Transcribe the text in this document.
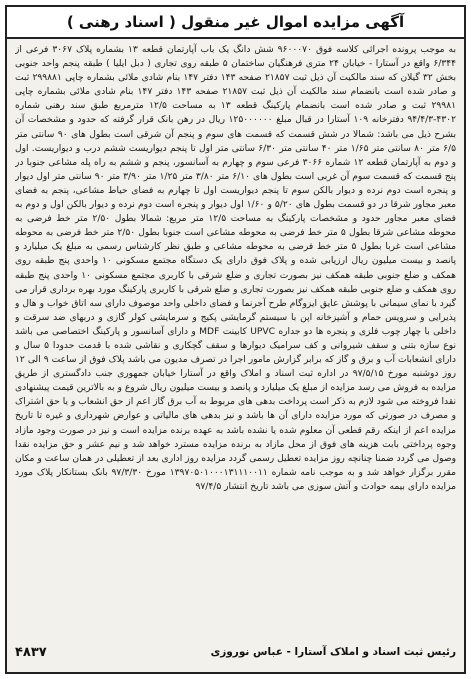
آگهی مزایده اموال غیر منقول ( اسناد رهنی )

به موجب پرونده اجرائی کلاسه فوق ۹۶۰۰۰۷۰ شش دانگ یک باب آپارتمان قطعه ۱۳ بشماره پلاک ۳۰۶۷ فرعی از ۶/۳۴۴ واقع در آستارا - خیابان ۲۴ متری فرهنگیان ساختمان ۵ طبقه روی تجاری ( دبل ایلیا ) طبقه پنجم واحد جنوبی بخش ۳۲ گیلان که سند مالکیت آن ذیل ثبت ۲۱۸۵۷ صفحه ۱۴۳ دفتر ۱۴۷ بنام شادی ملائی بشماره چاپی ۲۹۹۸۸۱ ثبت و صادر شده است بانضمام سند مالکیت آن ذیل ثبت ۲۱۸۵۷ صفحه ۱۴۳ دفتر ۱۴۷ بنام شادی ملائی بشماره چاپی ۲۹۹۸۱ ثبت و صادر شده است بانضمام پارکینگ قطعه ۱۳ به مساحت ۱۲/۵ مترمربع طبق سند رهنی شماره ۴۳۰۲-۹۴/۴/۳ دفترخانه ۱۰۹ آستارا در قبال مبلغ ۱۲۵۰۰۰۰۰۰ ریال در رهن بانک قرار گرفته که حدود و مشخصات آن بشرح ذیل می باشد: شمالا در شش قسمت که قسمت های سوم و پنجم آن شرقی است بطول های ۹۰ سانتی متر ۶/۵ متر ۸۰ سانتی متر ۱/۶۵ متر ۴۰ سانتی متر ۶/۳۰ سانتی متر اول تا پنجم دیواریست ششم درب و دیواریست. اول و دوم به آپارتمان قطعه ۱۲ شماره ۳۰۶۶ فرعی سوم و چهارم به آسانسور، پنجم و ششم به راه پله مشاعی جنوبا در پنج قسمت که قسمت سوم آن غربی است بطول های ۶/۱۰ متر ۳/۸۰ متر ۱/۲۵ متر ۳/۹۰ متر ۹۰ سانتی متر اول دیوار و پنجره است دوم نرده و دیوار بالکن سوم تا پنجم دیواریست اول تا چهارم به فضای حیاط مشاعی، پنجم به فضای معبر مجاور شرقا در دو قسمت بطول های ۵/۲۰ و ۱/۶۰ اول دیوار و پنجره است دوم نرده و دیوار بالکن اول و دوم به فضای معبر مجاور حدود و مشخصات پارکینگ به مساحت ۱۲/۵ متر مربع: شمالا بطول ۲/۵۰ متر خط فرضی به محوطه مشاعی شرقا بطول ۵ متر خط فرضی به محوطه مشاعی است جنوبا بطول ۲/۵۰ متر خط فرضی به محوطه مشاعی است غربا بطول ۵ متر خط فرضی به محوطه مشاعی و طبق نظر کارشناس رسمی به مبلغ یک میلیارد و پانصد و بیست میلیون ریال ارزیابی شده و پلاک فوق دارای یک دستگاه مجتمع مسکونی ۱۰ واحدی پنج طبقه روی همکف و ضلع جنوبی طبقه همکف نیز بصورت تجاری و ضلع شرقی با کاربری مجتمع مسکونی ۱۰ واحدی پنج طبقه روی همکف و ضلع جنوبی طبقه همکف نیز بصورت تجاری و ضلع شرقی با کاربری پارکینگ مورد بهره برداری قرار می گیرد با نمای سیمانی با پوشش عایق ایزوگام طرح آجرنما و فضای داخلی واحد موصوف دارای سه اتاق خواب و هال و پذیرایی و سرویس حمام و آشپزخانه اپن با سیستم گرمایشی پکیج و سرمایشی کولر گازی و دربهای ضد سرقت و داخلی با چهار چوب فلزی و پنجره ها دو جداره UPVC کابینت MDF و دارای آسانسور و پارکینگ اختصاصی می باشد نوع سازه بتنی و سقف شیروانی و کف سرامیک دیوارها و سقف گچکاری و نقاشی شده با قدمت حدودا ۵ سال و دارای انشعابات آب و برق و گاز که برابر گزارش مامور اجرا در تصرف مدیون می باشد پلاک فوق از ساعت ۹ الی ۱۲ روز دوشنبه مورخ ۹۷/۵/۱۵ در اداره ثبت اسناد و املاک واقع در آستارا خیابان جمهوری جنب دادگستری از طریق مزایده به فروش می رسد مزایده از مبلغ یک میلیارد و پانصد و بیست میلیون ریال شروع و به بالاترین قیمت پیشنهادی نقدا فروخته می شود لازم به ذکر است پرداخت بدهی های مربوط به آب برق گاز اعم از حق انشعاب و یا حق اشتراک و مصرف در صورتی که مورد مزایده دارای آن ها باشد و نیز بدهی های مالیاتی و عوارض شهرداری و غیره تا تاریخ مزایده اعم از اینکه رقم قطعی آن معلوم شده یا نشده باشد به عهده برنده مزایده است و نیز در صورت وجود مازاد وجوه پرداختی بابت هزینه های فوق از محل مازاد به برنده مزایده مسترد خواهد شد و نیم عشر و حق مزایده نقدا وصول می گردد ضمنا چنانچه روز مزایده تعطیل رسمی گردد مزایده روز اداری بعد از تعطیلی در همان ساعت و مکان مقرر برگزار خواهد شد و به موجب نامه شماره ۱۳۹۷۰۵۰۱۰۰۰۱۳۱۱۱۰۰۱۱ مورخ ۹۷/۳/۳۰ بانک بستانکار پلاک مورد مزایده دارای بیمه حوادث و آتش سوزی می باشد تاریخ انتشار ۹۷/۴/۵

رئیس ثبت اسناد و املاک آستارا - عباس نوروزی
۴۸۳۷
